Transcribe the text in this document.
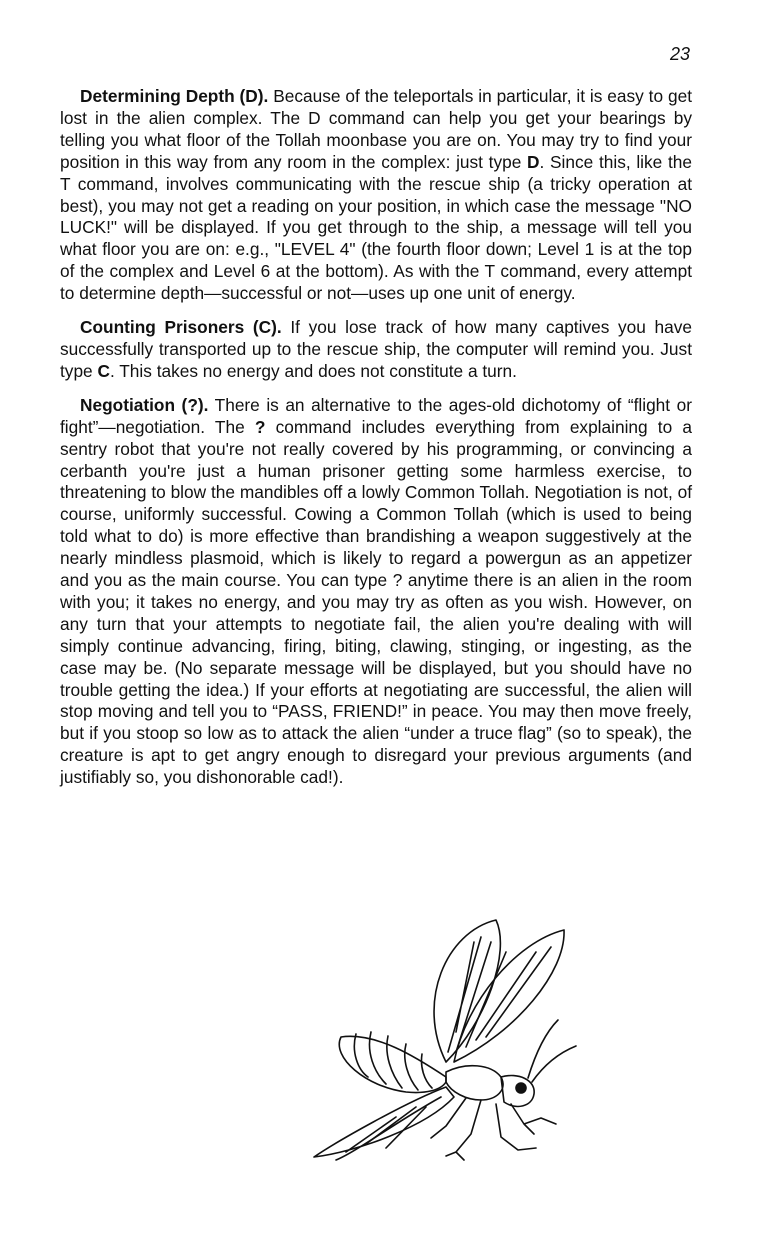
23

Determining Depth (D). Because of the teleportals in particular, it is easy to get lost in the alien complex. The D command can help you get your bearings by telling you what floor of the Tollah moonbase you are on. You may try to find your position in this way from any room in the complex: just type D. Since this, like the T command, involves communicating with the rescue ship (a tricky operation at best), you may not get a reading on your position, in which case the message "NO LUCK!" will be displayed. If you get through to the ship, a message will tell you what floor you are on: e.g., "LEVEL 4" (the fourth floor down; Level 1 is at the top of the complex and Level 6 at the bottom). As with the T command, every attempt to determine depth—successful or not—uses up one unit of energy.

Counting Prisoners (C). If you lose track of how many captives you have successfully transported up to the rescue ship, the computer will remind you. Just type C. This takes no energy and does not constitute a turn.

Negotiation (?). There is an alternative to the ages-old dichotomy of “flight or fight”—negotiation. The ? command includes everything from explaining to a sentry robot that you're not really covered by his programming, or convincing a cerbanth you're just a human prisoner getting some harmless exercise, to threatening to blow the mandibles off a lowly Common Tollah. Negotiation is not, of course, uniformly successful. Cowing a Common Tollah (which is used to being told what to do) is more effective than brandishing a weapon suggestively at the nearly mindless plasmoid, which is likely to regard a powergun as an appetizer and you as the main course. You can type ? anytime there is an alien in the room with you; it takes no energy, and you may try as often as you wish. However, on any turn that your attempts to negotiate fail, the alien you're dealing with will simply continue advancing, firing, biting, clawing, stinging, or ingesting, as the case may be. (No separate message will be displayed, but you should have no trouble getting the idea.) If your efforts at negotiating are successful, the alien will stop moving and tell you to “PASS, FRIEND!” in peace. You may then move freely, but if you stoop so low as to attack the alien “under a truce flag” (so to speak), the creature is apt to get angry enough to disregard your previous arguments (and justifiably so, you dishonorable cad!).
